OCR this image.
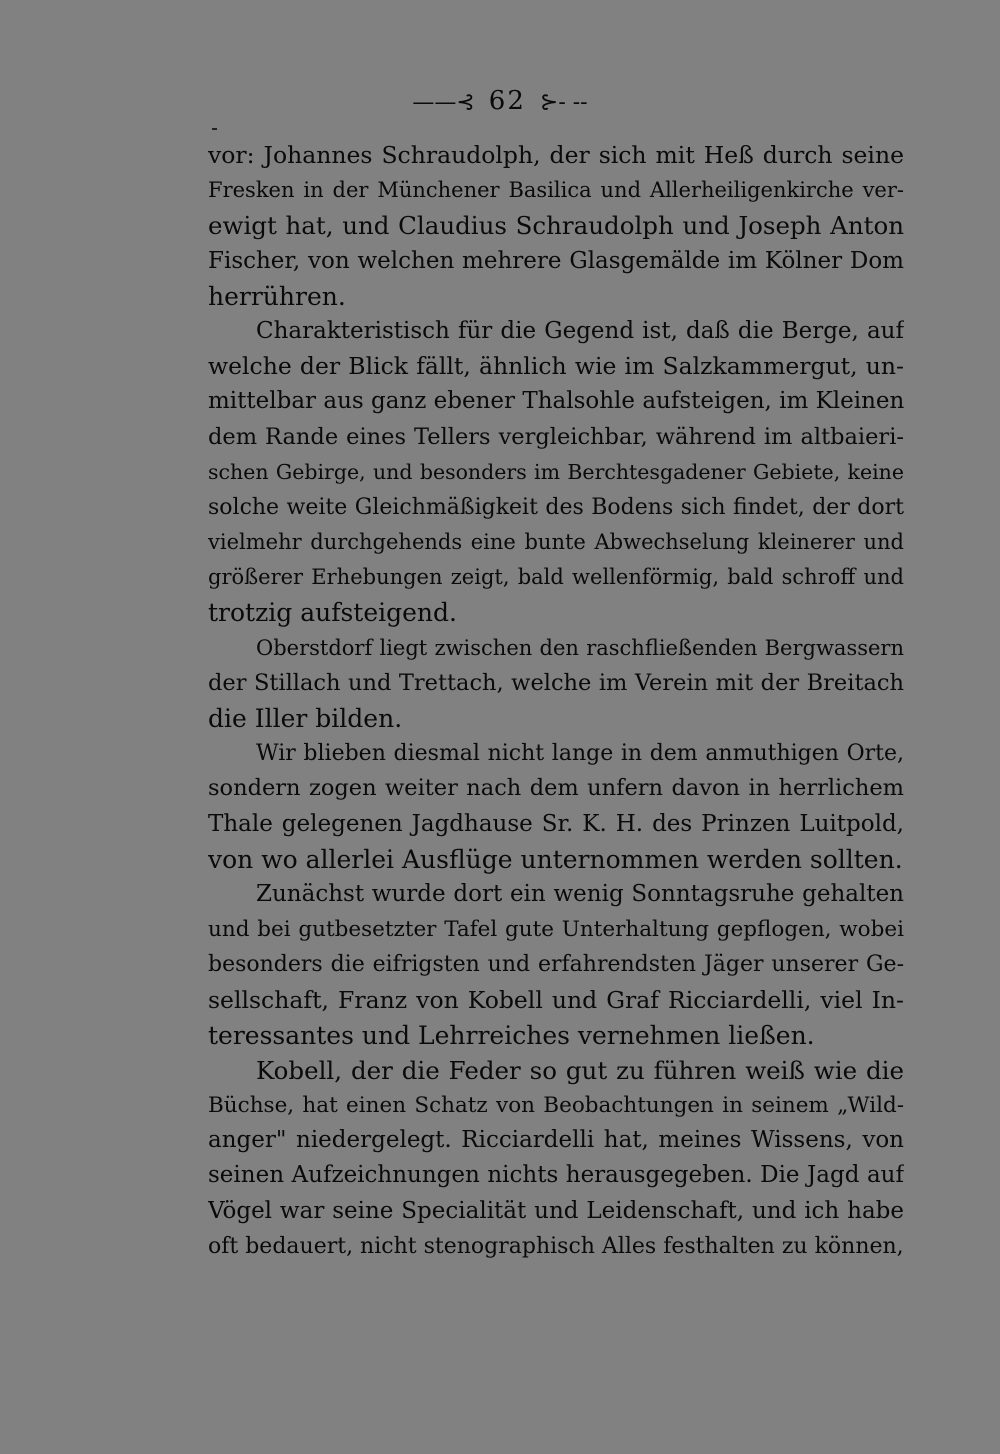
——⊰ 62 ⊱- --
vor: Johannes Schraudolph, der sich mit Heß durch seine
Fresken in der Münchener Basilica und Allerheiligenkirche ver-
ewigt hat, und Claudius Schraudolph und Joseph Anton
Fischer, von welchen mehrere Glasgemälde im Kölner Dom
herrühren.
Charakteristisch für die Gegend ist, daß die Berge, auf
welche der Blick fällt, ähnlich wie im Salzkammergut, un-
mittelbar aus ganz ebener Thalsohle aufsteigen, im Kleinen
dem Rande eines Tellers vergleichbar, während im altbaieri-
schen Gebirge, und besonders im Berchtesgadener Gebiete, keine
solche weite Gleichmäßigkeit des Bodens sich findet, der dort
vielmehr durchgehends eine bunte Abwechselung kleinerer und
größerer Erhebungen zeigt, bald wellenförmig, bald schroff und
trotzig aufsteigend.
Oberstdorf liegt zwischen den raschfließenden Bergwassern
der Stillach und Trettach, welche im Verein mit der Breitach
die Iller bilden.
Wir blieben diesmal nicht lange in dem anmuthigen Orte,
sondern zogen weiter nach dem unfern davon in herrlichem
Thale gelegenen Jagdhause Sr. K. H. des Prinzen Luitpold,
von wo allerlei Ausflüge unternommen werden sollten.
Zunächst wurde dort ein wenig Sonntagsruhe gehalten
und bei gutbesetzter Tafel gute Unterhaltung gepflogen, wobei
besonders die eifrigsten und erfahrendsten Jäger unserer Ge-
sellschaft, Franz von Kobell und Graf Ricciardelli, viel In-
teressantes und Lehrreiches vernehmen ließen.
Kobell, der die Feder so gut zu führen weiß wie die
Büchse, hat einen Schatz von Beobachtungen in seinem „Wild-
anger" niedergelegt. Ricciardelli hat, meines Wissens, von
seinen Aufzeichnungen nichts herausgegeben. Die Jagd auf
Vögel war seine Specialität und Leidenschaft, und ich habe
oft bedauert, nicht stenographisch Alles festhalten zu können,
